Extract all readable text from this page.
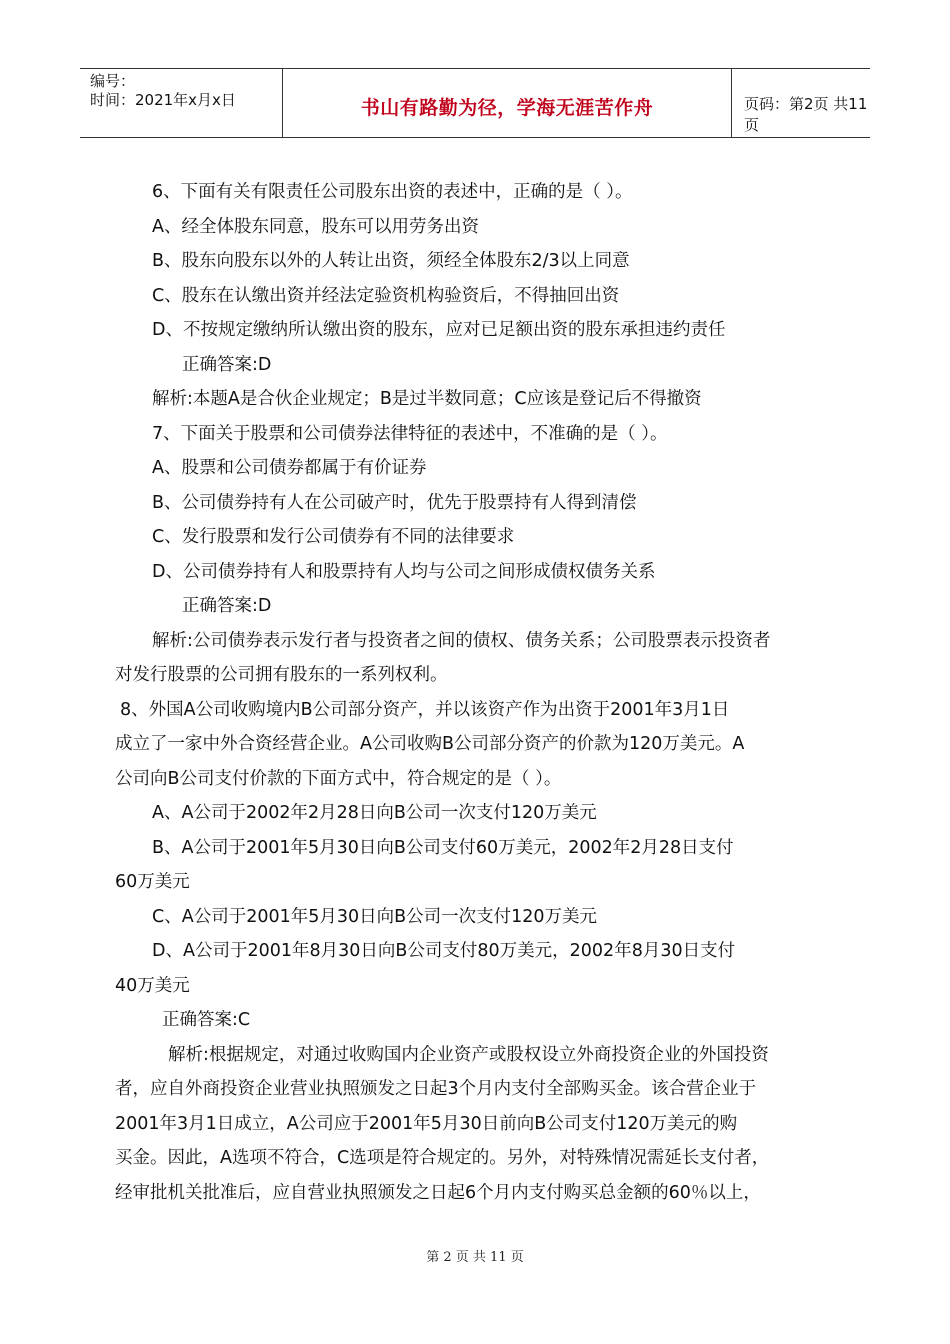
编号：
时间：2021年x月x日	书山有路勤为径，学海无涯苦作舟	页码：第2页 共11页
6、下面有关有限责任公司股东出资的表述中，正确的是（ ）。
A、经全体股东同意，股东可以用劳务出资
B、股东向股东以外的人转让出资，须经全体股东2/3以上同意
C、股东在认缴出资并经法定验资机构验资后，不得抽回出资
D、不按规定缴纳所认缴出资的股东，应对已足额出资的股东承担违约责任
正确答案:D
解析:本题A是合伙企业规定；B是过半数同意；C应该是登记后不得撤资
7、下面关于股票和公司债券法律特征的表述中，不准确的是（ ）。
A、股票和公司债券都属于有价证券
B、公司债券持有人在公司破产时，优先于股票持有人得到清偿
C、发行股票和发行公司债券有不同的法律要求
D、公司债券持有人和股票持有人均与公司之间形成债权债务关系
正确答案:D
解析:公司债券表示发行者与投资者之间的债权、债务关系；公司股票表示投资者
对发行股票的公司拥有股东的一系列权利。
8、外国A公司收购境内B公司部分资产，并以该资产作为出资于2001年3月1日
成立了一家中外合资经营企业。A公司收购B公司部分资产的价款为120万美元。A
公司向B公司支付价款的下面方式中，符合规定的是（ ）。
A、A公司于2002年2月28日向B公司一次支付120万美元
B、A公司于2001年5月30日向B公司支付60万美元，2002年2月28日支付
60万美元
C、A公司于2001年5月30日向B公司一次支付120万美元
D、A公司于2001年8月30日向B公司支付80万美元，2002年8月30日支付
40万美元
正确答案:C
解析:根据规定，对通过收购国内企业资产或股权设立外商投资企业的外国投资
者，应自外商投资企业营业执照颁发之日起3个月内支付全部购买金。该合营企业于
2001年3月1日成立，A公司应于2001年5月30日前向B公司支付120万美元的购
买金。因此，A选项不符合，C选项是符合规定的。另外，对特殊情况需延长支付者，
经审批机关批准后，应自营业执照颁发之日起6个月内支付购买总金额的60％以上，
第 2 页 共 11 页
